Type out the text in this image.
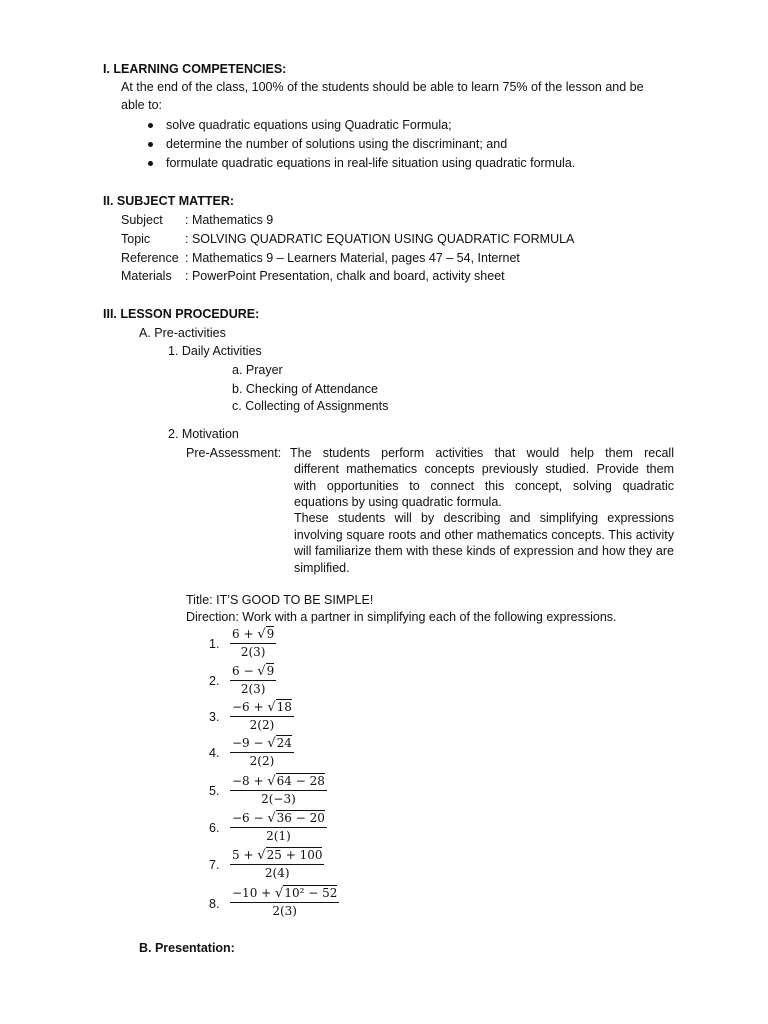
I. LEARNING COMPETENCIES:
At the end of the class, 100% of the students should be able to learn 75% of the lesson and be
able to:
solve quadratic equations using Quadratic Formula;
determine the number of solutions using the discriminant; and
formulate quadratic equations in real-life situation using quadratic formula.
II. SUBJECT MATTER:
Subject : Mathematics 9
Topic	: SOLVING QUADRATIC EQUATION USING QUADRATIC FORMULA
Reference : Mathematics 9 – Learners Material, pages 47 – 54, Internet
Materials : PowerPoint Presentation, chalk and board, activity sheet
III. LESSON PROCEDURE:
A. Pre-activities
1. Daily Activities
a. Prayer
b. Checking of Attendance
c. Collecting of Assignments
2. Motivation
Pre-Assessment: The students perform activities that would help them recall
different mathematics concepts previously studied. Provide them with opportunities to connect this concept, solving quadratic equations by using quadratic formula.
These students will by describing and simplifying expressions involving square roots and other mathematics concepts. This activity will familiarize them with these kinds of expression and how they are simplified.
Title: IT’S GOOD TO BE SIMPLE!
Direction: Work with a partner in simplifying each of the following expressions.
1. $\frac{6 + √9}{2(3)}$
2. $\frac{6 - √9}{2(3)}$
3. $\frac{-6 + √18}{2(2)}$
4. $\frac{-9 - √24}{2(2)}$
5. $\frac{-8 + √64 - 28}{2(-3)}$
6. $\frac{-6 - √36 - 20}{2(1)}$
7. $\frac{5 + √25 + 100}{2(4)}$
8. $\frac{\text{−10 + √10² − 52}}{2(3)}$
B. Presentation:
